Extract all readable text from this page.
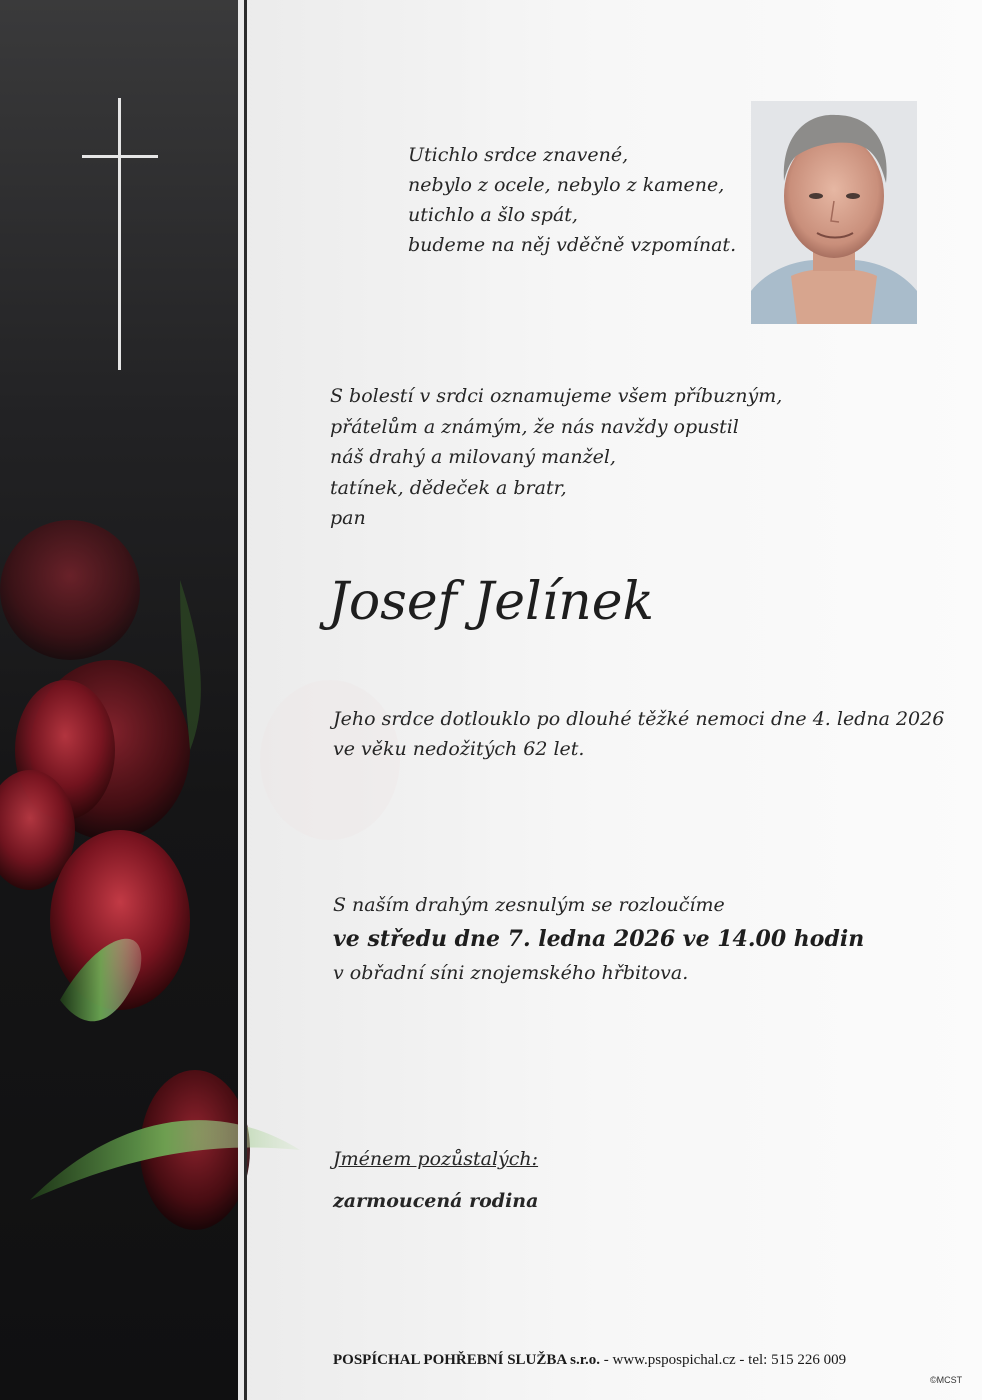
Utichlo srdce znavené,
nebylo z ocele, nebylo z kamene,
utichlo a šlo spát,
budeme na něj vděčně vzpomínat.
S bolestí v srdci oznamujeme všem příbuzným,
přátelům a známým, že nás navždy opustil
náš drahý a milovaný manžel,
tatínek, dědeček a bratr,
pan
Josef Jelínek
Jeho srdce dotlouklo po dlouhé těžké nemoci dne 4. ledna 2026
ve věku nedožitých 62 let.
S naším drahým zesnulým se rozloučíme
ve středu dne 7. ledna 2026 ve 14.00 hodin
v obřadní síni znojemského hřbitova.
Jménem pozůstalých:
zarmoucená rodina
POSPÍCHAL POHŘEBNÍ SLUŽBA s.r.o. - www.pspospichal.cz - tel: 515 226 009
©MCST
